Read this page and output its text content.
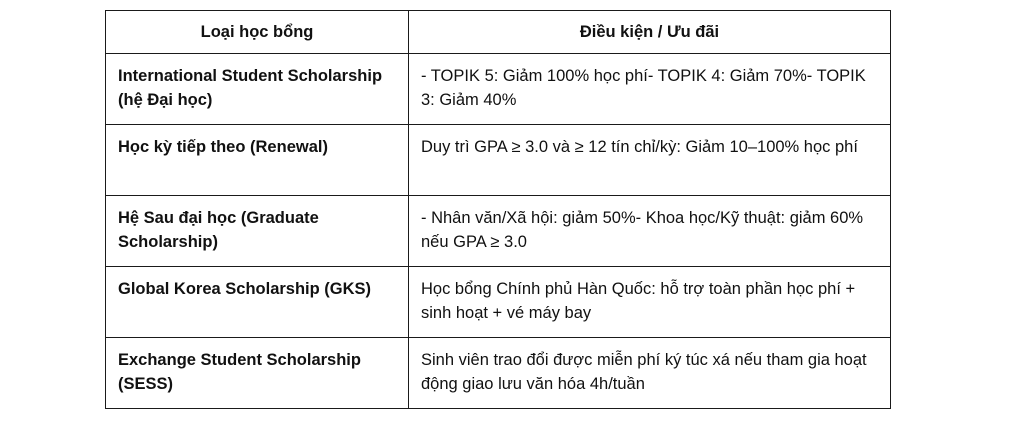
Loại học bổng	Điều kiện / Ưu đãi
International Student Scholarship (hệ Đại học)	- TOPIK 5: Giảm 100% học phí- TOPIK 4: Giảm 70%- TOPIK 3: Giảm 40%
Học kỳ tiếp theo (Renewal)	Duy trì GPA ≥ 3.0 và ≥ 12 tín chỉ/kỳ: Giảm 10–100% học phí
Hệ Sau đại học (Graduate Scholarship)	- Nhân văn/Xã hội: giảm 50%- Khoa học/Kỹ thuật: giảm 60% nếu GPA ≥ 3.0
Global Korea Scholarship (GKS)	Học bổng Chính phủ Hàn Quốc: hỗ trợ toàn phần học phí + sinh hoạt + vé máy bay
Exchange Student Scholarship (SESS)	Sinh viên trao đổi được miễn phí ký túc xá nếu tham gia hoạt động giao lưu văn hóa 4h/tuần
